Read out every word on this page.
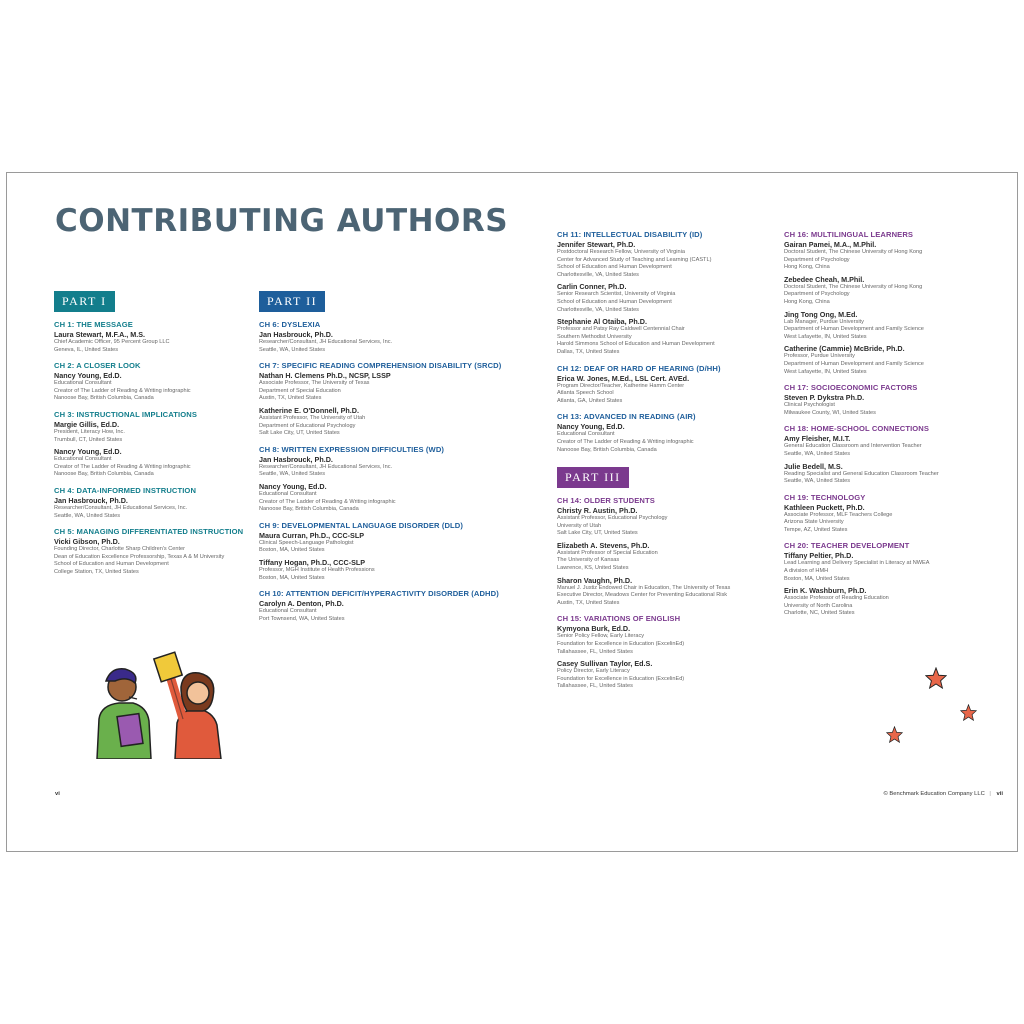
CONTRIBUTING AUTHORS
PART I
CH 1: THE MESSAGE
Laura Stewart, M.F.A., M.S.
Chief Academic Officer, 95 Percent Group LLC
Geneva, IL, United States
CH 2: A CLOSER LOOK
Nancy Young, Ed.D.
Educational Consultant
Creator of The Ladder of Reading & Writing infographic
Nanoose Bay, British Columbia, Canada
CH 3: INSTRUCTIONAL IMPLICATIONS
Margie Gillis, Ed.D.
President, Literacy How, Inc.
Trumbull, CT, United States
Nancy Young, Ed.D.
Educational Consultant
Creator of The Ladder of Reading & Writing infographic
Nanoose Bay, British Columbia, Canada
CH 4: DATA-INFORMED INSTRUCTION
Jan Hasbrouck, Ph.D.
Researcher/Consultant, JH Educational Services, Inc.
Seattle, WA, United States
CH 5: MANAGING DIFFERENTIATED INSTRUCTION
Vicki Gibson, Ph.D.
Founding Director, Charlotte Sharp Children's Center
Dean of Education Excellence Professorship, Texas A & M University
School of Education and Human Development
College Station, TX, United States
PART II
CH 6: DYSLEXIA
Jan Hasbrouck, Ph.D.
Researcher/Consultant, JH Educational Services, Inc.
Seattle, WA, United States
CH 7: SPECIFIC READING COMPREHENSION DISABILITY (SRCD)
Nathan H. Clemens Ph.D., NCSP, LSSP
Associate Professor, The University of Texas
Department of Special Education
Austin, TX, United States
Katherine E. O'Donnell, Ph.D.
Assistant Professor, The University of Utah
Department of Educational Psychology
Salt Lake City, UT, United States
CH 8: WRITTEN EXPRESSION DIFFICULTIES (WD)
Jan Hasbrouck, Ph.D.
Researcher/Consultant, JH Educational Services, Inc.
Seattle, WA, United States
Nancy Young, Ed.D.
Educational Consultant
Creator of The Ladder of Reading & Writing infographic
Nanoose Bay, British Columbia, Canada
CH 9: DEVELOPMENTAL LANGUAGE DISORDER (DLD)
Maura Curran, Ph.D., CCC-SLP
Clinical Speech-Language Pathologist
Boston, MA, United States
Tiffany Hogan, Ph.D., CCC-SLP
Professor, MGH Institute of Health Professions
Boston, MA, United States
CH 10: ATTENTION DEFICIT/HYPERACTIVITY DISORDER (ADHD)
Carolyn A. Denton, Ph.D.
Educational Consultant
Port Townsend, WA, United States
CH 11: INTELLECTUAL DISABILITY (ID)
Jennifer Stewart, Ph.D.
Postdoctoral Research Fellow, University of Virginia
Center for Advanced Study of Teaching and Learning (CASTL)
School of Education and Human Development
Charlottesville, VA, United States
Carlin Conner, Ph.D.
Senior Research Scientist, University of Virginia
School of Education and Human Development
Charlottesville, VA, United States
Stephanie Al Otaiba, Ph.D.
Professor and Patsy Ray Caldwell Centennial Chair
Southern Methodist University
Harold Simmons School of Education and Human Development
Dallas, TX, United States
CH 12: DEAF OR HARD OF HEARING (D/HH)
Erica W. Jones, M.Ed., LSL Cert. AVEd.
Program Director/Teacher, Katherine Hamm Center
Atlanta Speech School
Atlanta, GA, United States
CH 13: ADVANCED IN READING (AIR)
Nancy Young, Ed.D.
Educational Consultant
Creator of The Ladder of Reading & Writing infographic
Nanoose Bay, British Columbia, Canada
PART III
CH 14: OLDER STUDENTS
Christy R. Austin, Ph.D.
Assistant Professor, Educational Psychology
University of Utah
Salt Lake City, UT, United States
Elizabeth A. Stevens, Ph.D.
Assistant Professor of Special Education
The University of Kansas
Lawrence, KS, United States
Sharon Vaughn, Ph.D.
Manuel J. Justiz Endowed Chair in Education, The University of Texas
Executive Director, Meadows Center for Preventing Educational Risk
Austin, TX, United States
CH 15: VARIATIONS OF ENGLISH
Kymyona Burk, Ed.D.
Senior Policy Fellow, Early Literacy
Foundation for Excellence in Education (ExcelinEd)
Tallahassee, FL, United States
Casey Sullivan Taylor, Ed.S.
Policy Director, Early Literacy
Foundation for Excellence in Education (ExcelinEd)
Tallahassee, FL, United States
CH 16: MULTILINGUAL LEARNERS
Gairan Pamei, M.A., M.Phil.
Doctoral Student, The Chinese University of Hong Kong
Department of Psychology
Hong Kong, China
Zebedee Cheah, M.Phil.
Doctoral Student, The Chinese University of Hong Kong
Department of Psychology
Hong Kong, China
Jing Tong Ong, M.Ed.
Lab Manager, Purdue University
Department of Human Development and Family Science
West Lafayette, IN, United States
Catherine (Cammie) McBride, Ph.D.
Professor, Purdue University
Department of Human Development and Family Science
West Lafayette, IN, United States
CH 17: SOCIOECONOMIC FACTORS
Steven P. Dykstra Ph.D.
Clinical Psychologist
Milwaukee County, WI, United States
CH 18: HOME-SCHOOL CONNECTIONS
Amy Fleisher, M.I.T.
General Education Classroom and Intervention Teacher
Seattle, WA, United States
Julie Bedell, M.S.
Reading Specialist and General Education Classroom Teacher
Seattle, WA, United States
CH 19: TECHNOLOGY
Kathleen Puckett, Ph.D.
Associate Professor, MLF Teachers College
Arizona State University
Tempe, AZ, United States
CH 20: TEACHER DEVELOPMENT
Tiffany Peltier, Ph.D.
Lead Learning and Delivery Specialist in Literacy at NWEA
A division of HMH
Boston, MA, United States
Erin K. Washburn, Ph.D.
Associate Professor of Reading Education
University of North Carolina
Charlotte, NC, United States
vi	© Benchmark Education Company LLC | vii
